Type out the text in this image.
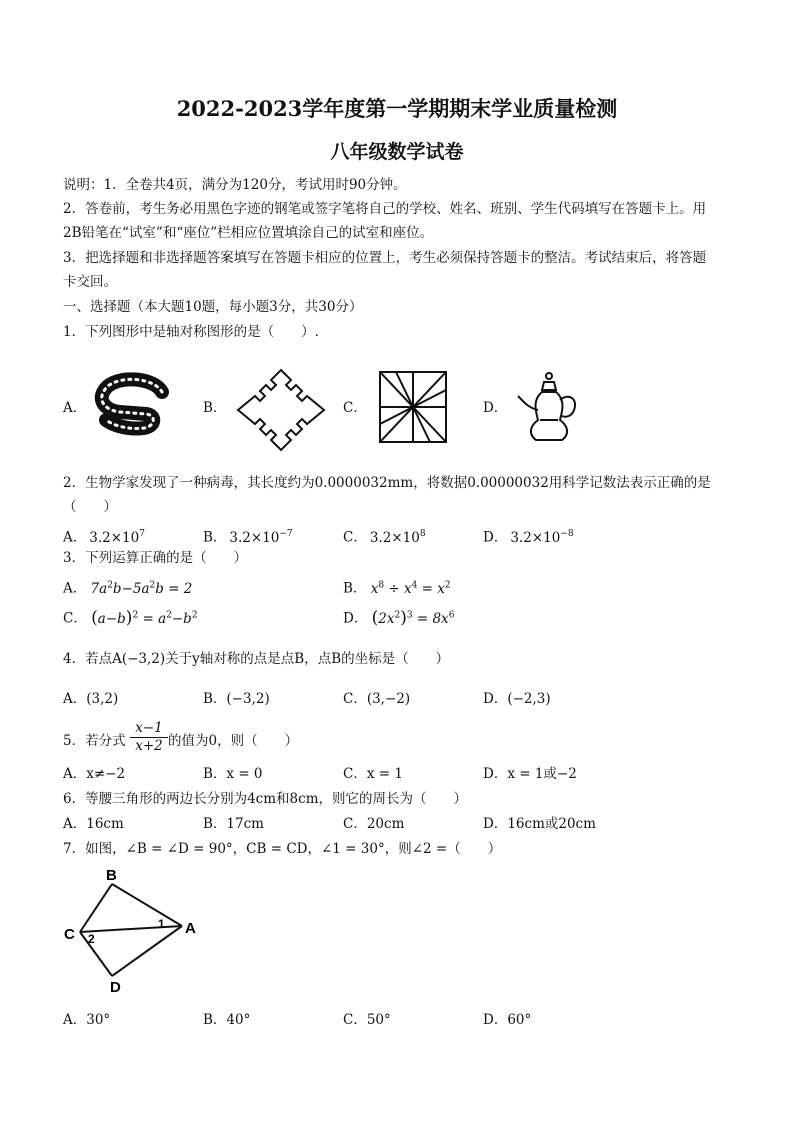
2022-2023学年度第一学期期末学业质量检测
八年级数学试卷
说明：1．全卷共4页，满分为120分，考试用时90分钟。
2．答卷前，考生务必用黑色字迹的钢笔或签字笔将自己的学校、姓名、班别、学生代码填写在答题卡上。用
2B铅笔在“试室”和“座位”栏相应位置填涂自己的试室和座位。
3．把选择题和非选择题答案填写在答题卡相应的位置上，考生必须保持答题卡的整洁。考试结束后，将答题
卡交回。
一、选择题（本大题10题，每小题3分，共30分）
1．下列图形中是轴对称图形的是（　　）.
A．	B．	C．	D．
2．生物学家发现了一种病毒，其长度约为0.0000032mm，将数据0.00000032用科学记数法表示正确的是
（　　）
A． $3.2\times 10^7$	B． $3.2\times 10^{-7}$	C． $3.2\times 10^8$	D． $3.2\times 10^{-8}$
3．下列运算正确的是（　　）
A． $7a^2b-5a^2b = 2$	B． $x^8 \div x^4 = x^2$
C． $(a-b)^2 = a^2-b^2$	D． $(2x^2)^3 = 8x^6$
4．若点A(−3,2)关于y轴对称的点是点B，点B的坐标是（　　）
A．(3,2)	B．(−3,2)	C．(3,−2)	D．(−2,3)
5．若分式 $\frac{x-1}{x+2}$ 的值为0，则（　　）
A．x≠−2	B．x = 0	C．x = 1	D．x = 1或−2
6．等腰三角形的两边长分别为4cm和8cm，则它的周长为（　　）
A．16cm	B．17cm	C．20cm	D．16cm或20cm
7．如图，∠B = ∠D = 90°，CB = CD，∠1 = 30°，则∠2 =（　　）
B
C	A
D
1
2
A．30°	B．40°	C．50°	D．60°
